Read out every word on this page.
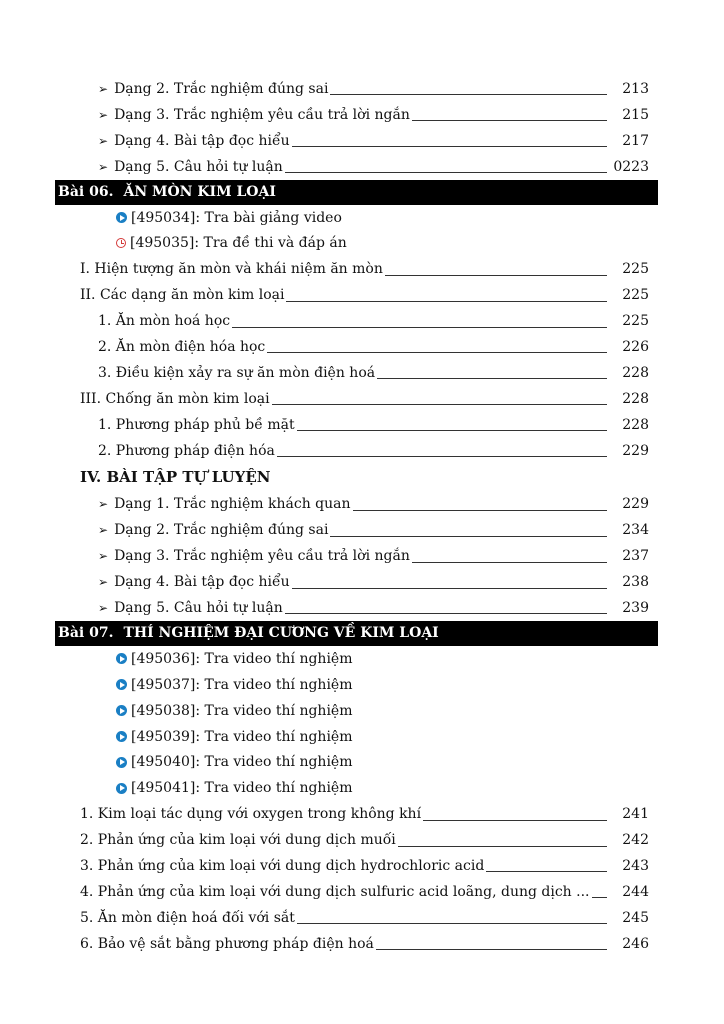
➢ Dạng 2. Trắc nghiệm đúng sai	213
➢ Dạng 3. Trắc nghiệm yêu cầu trả lời ngắn	215
➢ Dạng 4. Bài tập đọc hiểu	217
➢ Dạng 5. Câu hỏi tự luận	0223
Bài 06. ĂN MÒN KIM LOẠI
[495034]: Tra bài giảng video
[495035]: Tra đề thi và đáp án
I. Hiện tượng ăn mòn và khái niệm ăn mòn	225
II. Các dạng ăn mòn kim loại	225
1. Ăn mòn hoá học	225
2. Ăn mòn điện hóa học	226
3. Điều kiện xảy ra sự ăn mòn điện hoá	228
III. Chống ăn mòn kim loại	228
1. Phương pháp phủ bề mặt	228
2. Phương pháp điện hóa	229
IV. BÀI TẬP TỰ LUYỆN
➢ Dạng 1. Trắc nghiệm khách quan	229
➢ Dạng 2. Trắc nghiệm đúng sai	234
➢ Dạng 3. Trắc nghiệm yêu cầu trả lời ngắn	237
➢ Dạng 4. Bài tập đọc hiểu	238
➢ Dạng 5. Câu hỏi tự luận	239
Bài 07. THÍ NGHIỆM ĐẠI CƯƠNG VỀ KIM LOẠI
[495036]: Tra video thí nghiệm
[495037]: Tra video thí nghiệm
[495038]: Tra video thí nghiệm
[495039]: Tra video thí nghiệm
[495040]: Tra video thí nghiệm
[495041]: Tra video thí nghiệm
1. Kim loại tác dụng với oxygen trong không khí	241
2. Phản ứng của kim loại với dung dịch muối	242
3. Phản ứng của kim loại với dung dịch hydrochloric acid	243
4. Phản ứng của kim loại với dung dịch sulfuric acid loãng, dung dịch ...	244
5. Ăn mòn điện hoá đối với sắt	245
6. Bảo vệ sắt bằng phương pháp điện hoá	246
